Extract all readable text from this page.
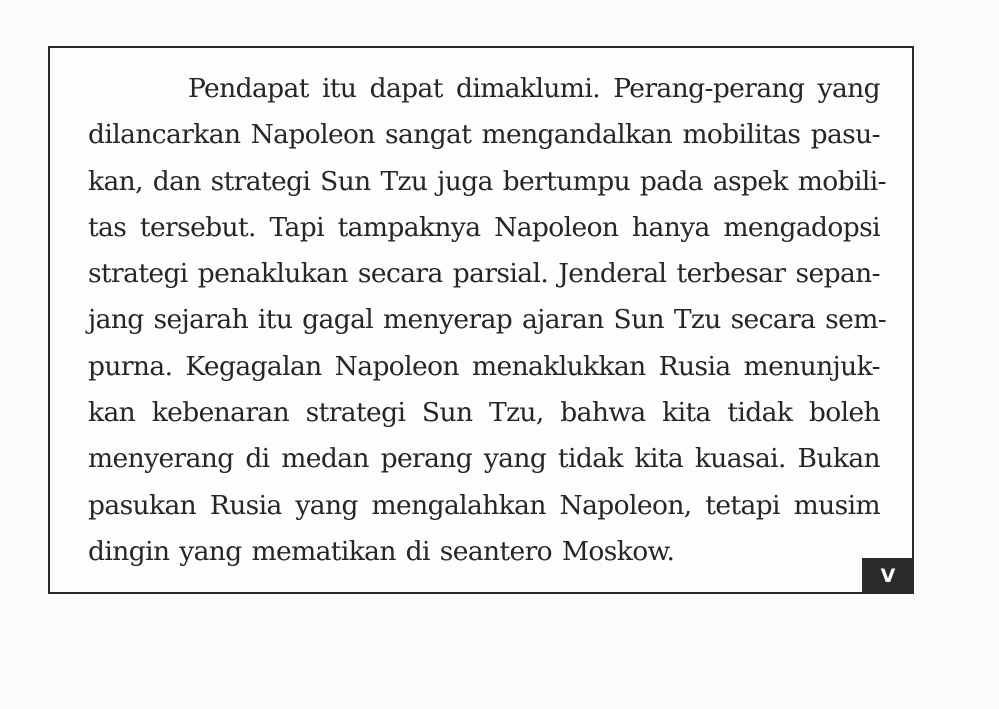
Pendapat itu dapat dimaklumi. Perang-perang yang
dilancarkan Napoleon sangat mengandalkan mobilitas pasu-
kan, dan strategi Sun Tzu juga bertumpu pada aspek mobili-
tas tersebut. Tapi tampaknya Napoleon hanya mengadopsi
strategi penaklukan secara parsial. Jenderal terbesar sepan-
jang sejarah itu gagal menyerap ajaran Sun Tzu secara sem-
purna. Kegagalan Napoleon menaklukkan Rusia menunjuk-
kan kebenaran strategi Sun Tzu, bahwa kita tidak boleh
menyerang di medan perang yang tidak kita kuasai. Bukan
pasukan Rusia yang mengalahkan Napoleon, tetapi musim
dingin yang mematikan di seantero Moskow.
V
